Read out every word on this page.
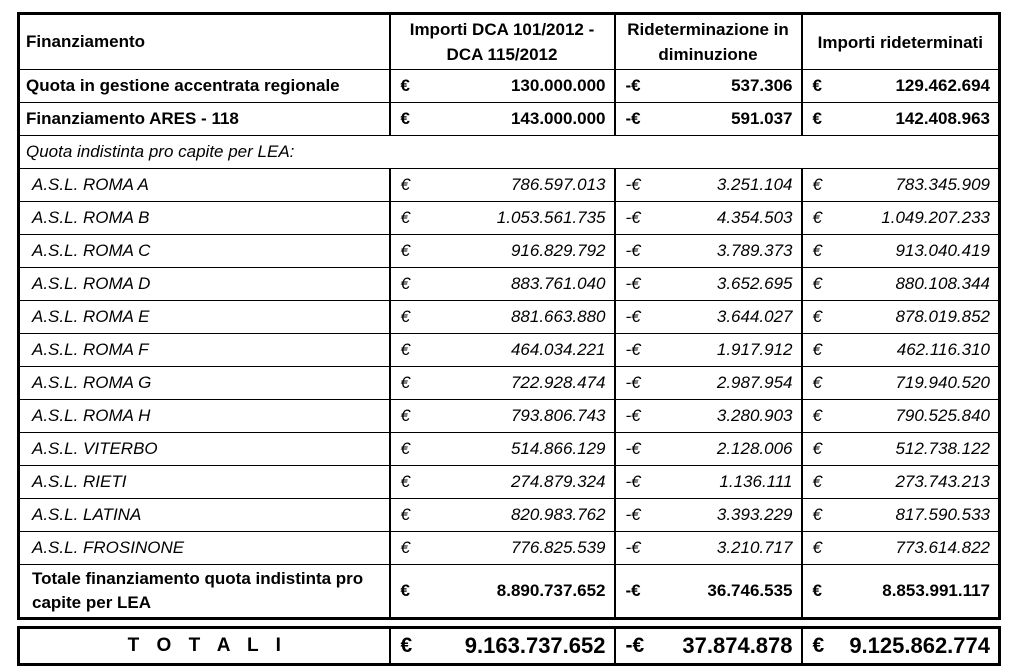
Finanziamento	Importi DCA 101/2012 - DCA 115/2012		Rideterminazione in diminuzione		Importi rideterminati	
Quota in gestione accentrata regionale	€	130.000.000	-€	537.306	€	129.462.694
Finanziamento ARES - 118	€	143.000.000	-€	591.037	€	142.408.963
Quota indistinta pro capite per LEA:						
A.S.L. ROMA A	€	786.597.013	-€	3.251.104	€	783.345.909
A.S.L. ROMA B	€	1.053.561.735	-€	4.354.503	€	1.049.207.233
A.S.L. ROMA C	€	916.829.792	-€	3.789.373	€	913.040.419
A.S.L. ROMA D	€	883.761.040	-€	3.652.695	€	880.108.344
A.S.L. ROMA E	€	881.663.880	-€	3.644.027	€	878.019.852
A.S.L. ROMA F	€	464.034.221	-€	1.917.912	€	462.116.310
A.S.L. ROMA G	€	722.928.474	-€	2.987.954	€	719.940.520
A.S.L. ROMA H	€	793.806.743	-€	3.280.903	€	790.525.840
A.S.L. VITERBO	€	514.866.129	-€	2.128.006	€	512.738.122
A.S.L. RIETI	€	274.879.324	-€	1.136.111	€	273.743.213
A.S.L. LATINA	€	820.983.762	-€	3.393.229	€	817.590.533
A.S.L. FROSINONE	€	776.825.539	-€	3.210.717	€	773.614.822
Totale finanziamento quota indistinta pro capite per LEA	€	8.890.737.652	-€	36.746.535	€	8.853.991.117

T O T A L I	€	9.163.737.652	-€	37.874.878	€	9.125.862.774
